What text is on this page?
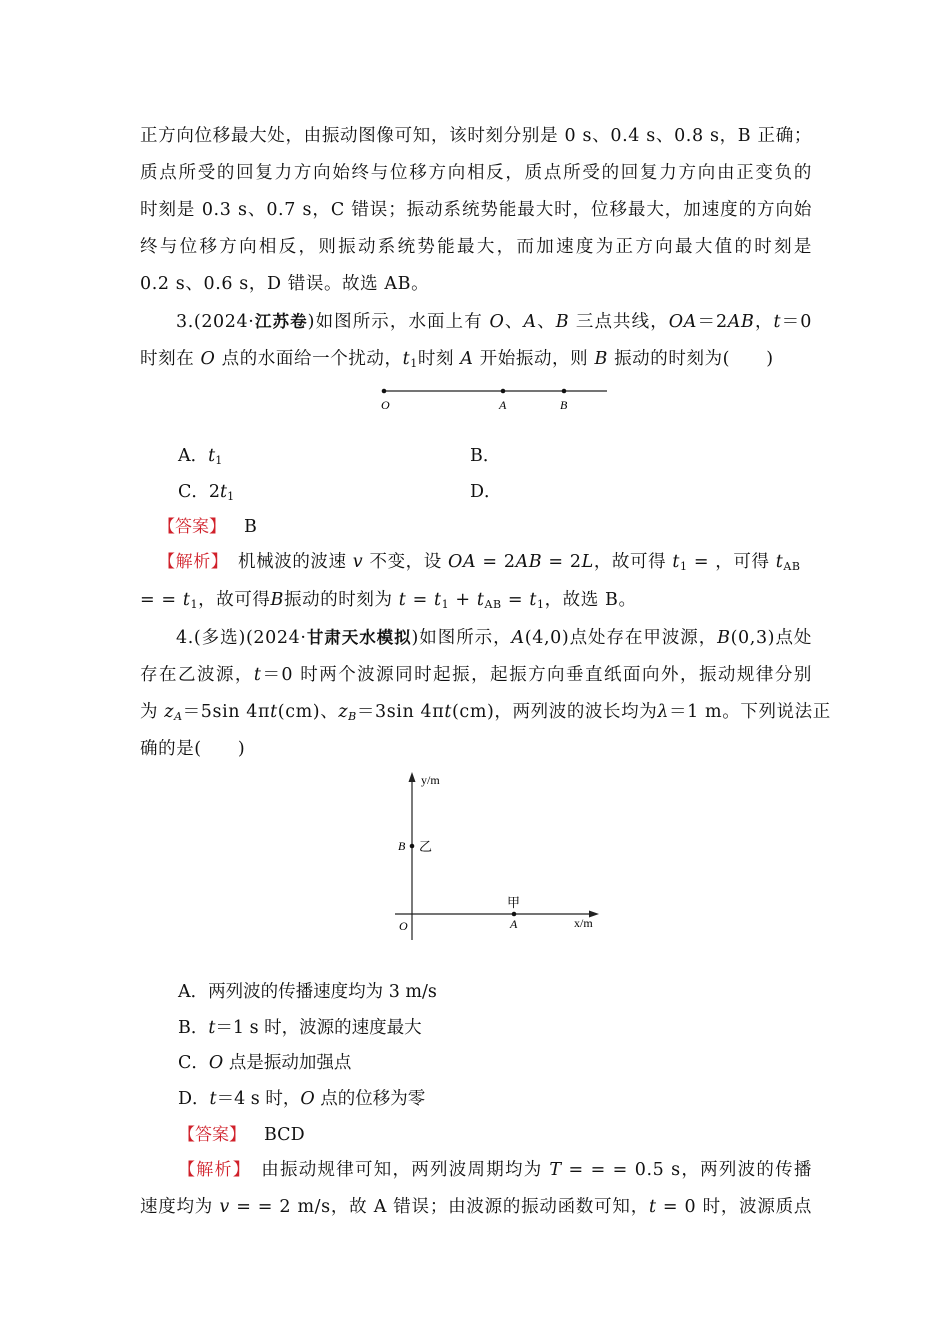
正方向位移最大处，由振动图像可知，该时刻分别是 0 s、0.4 s、0.8 s，B 正确；
质点所受的回复力方向始终与位移方向相反，质点所受的回复力方向由正变负的
时刻是 0.3 s、0.7 s，C 错误；振动系统势能最大时，位移最大，加速度的方向始
终与位移方向相反，则振动系统势能最大，而加速度为正方向最大值的时刻是
0.2 s、0.6 s，D 错误。故选 AB。
3.(2024·江苏卷)如图所示，水面上有 O、A、B 三点共线，OA＝2AB，t＝0
时刻在 O 点的水面给一个扰动，$t_1$时刻 A 开始振动，则 B 振动的时刻为(　　)
O	A	B
A．$t_1$	B．
C．$2t_1$	D．
【答案】 B
【解析】　 机械波的波速 v 不变，设 OA = 2AB = 2L，故可得 $t_1$ = ，可得 $t_{AB}$
= = $t_1$，故可得B振动的时刻为 $t = t_1 + t_{AB} = t_1$，故选 B。
4.(多选)(2024·甘肃天水模拟)如图所示，A(4,0)点处存在甲波源，B(0,3)点处
存在乙波源，t＝0 时两个波源同时起振，起振方向垂直纸面向外，振动规律分别
为 $z_A=5\sin$ 4πt(cm)、$z_B=3\sin$ 4πt(cm)，两列波的波长均为λ＝1 m。下列说法正
确的是(　　)
y/m
x/m
O
B 乙
A
甲
A．两列波的传播速度均为 3 m/s
B．t＝1 s 时，波源的速度最大
C．O 点是振动加强点
D．t＝4 s 时，O 点的位移为零
【答案】 BCD
【解析】　 由振动规律可知，两列波周期均为 T = = = 0.5 s，两列波的传播
速度均为 v = = 2 m/s，故 A 错误；由波源的振动函数可知，t = 0 时，波源质点
